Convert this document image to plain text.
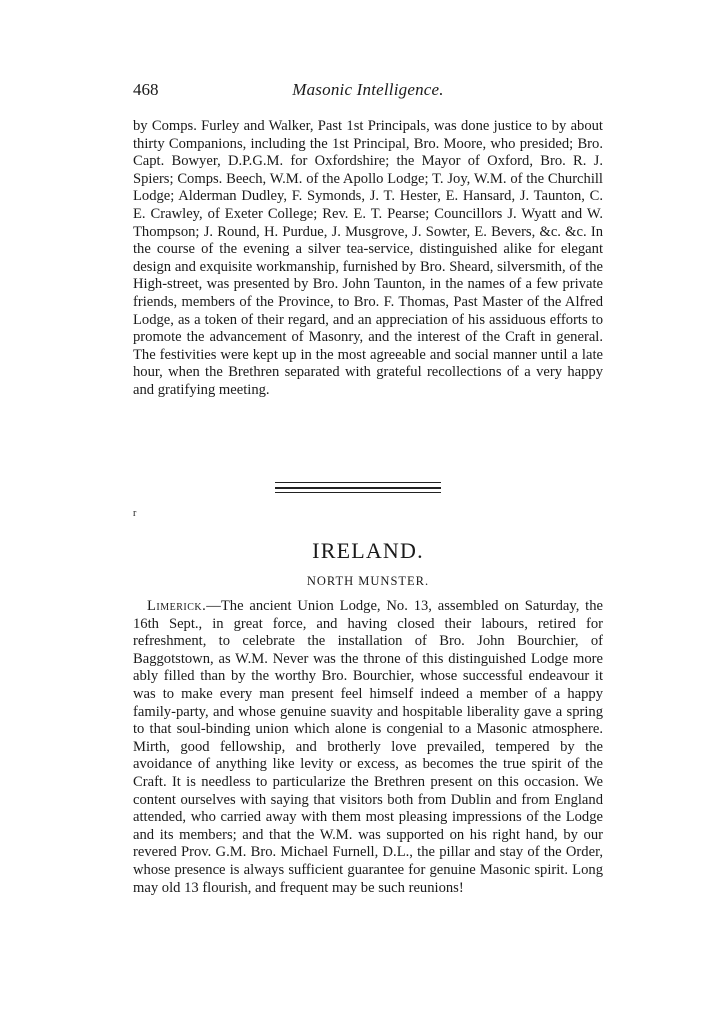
468	Masonic Intelligence.

by Comps. Furley and Walker, Past 1st Principals, was done justice to by about thirty Companions, including the 1st Principal, Bro. Moore, who presided; Bro. Capt. Bowyer, D.P.G.M. for Oxfordshire; the Mayor of Oxford, Bro. R. J. Spiers; Comps. Beech, W.M. of the Apollo Lodge; T. Joy, W.M. of the Churchill Lodge; Alderman Dudley, F. Symonds, J. T. Hester, E. Hansard, J. Taunton, C. E. Crawley, of Exeter College; Rev. E. T. Pearse; Councillors J. Wyatt and W. Thompson; J. Round, H. Purdue, J. Musgrove, J. Sowter, E. Bevers, &c. &c. In the course of the evening a silver tea-service, distinguished alike for elegant design and exquisite workmanship, furnished by Bro. Sheard, silversmith, of the High-street, was presented by Bro. John Taunton, in the names of a few private friends, members of the Province, to Bro. F. Thomas, Past Master of the Alfred Lodge, as a token of their regard, and an appreciation of his assiduous efforts to promote the advancement of Masonry, and the interest of the Craft in general. The festivities were kept up in the most agreeable and social manner until a late hour, when the Brethren separated with grateful recollections of a very happy and gratifying meeting.

r
IRELAND.
NORTH MUNSTER.

Limerick.—The ancient Union Lodge, No. 13, assembled on Saturday, the 16th Sept., in great force, and having closed their labours, retired for refreshment, to celebrate the installation of Bro. John Bourchier, of Baggotstown, as W.M. Never was the throne of this distinguished Lodge more ably filled than by the worthy Bro. Bourchier, whose successful endeavour it was to make every man present feel himself indeed a member of a happy family-party, and whose genuine suavity and hospitable liberality gave a spring to that soul-binding union which alone is congenial to a Masonic atmosphere. Mirth, good fellowship, and brotherly love prevailed, tempered by the avoidance of anything like levity or excess, as becomes the true spirit of the Craft. It is needless to particularize the Brethren present on this occasion. We content ourselves with saying that visitors both from Dublin and from England attended, who carried away with them most pleasing impressions of the Lodge and its members; and that the W.M. was supported on his right hand, by our revered Prov. G.M. Bro. Michael Furnell, D.L., the pillar and stay of the Order, whose presence is always sufficient guarantee for genuine Masonic spirit. Long may old 13 flourish, and frequent may be such reunions!
